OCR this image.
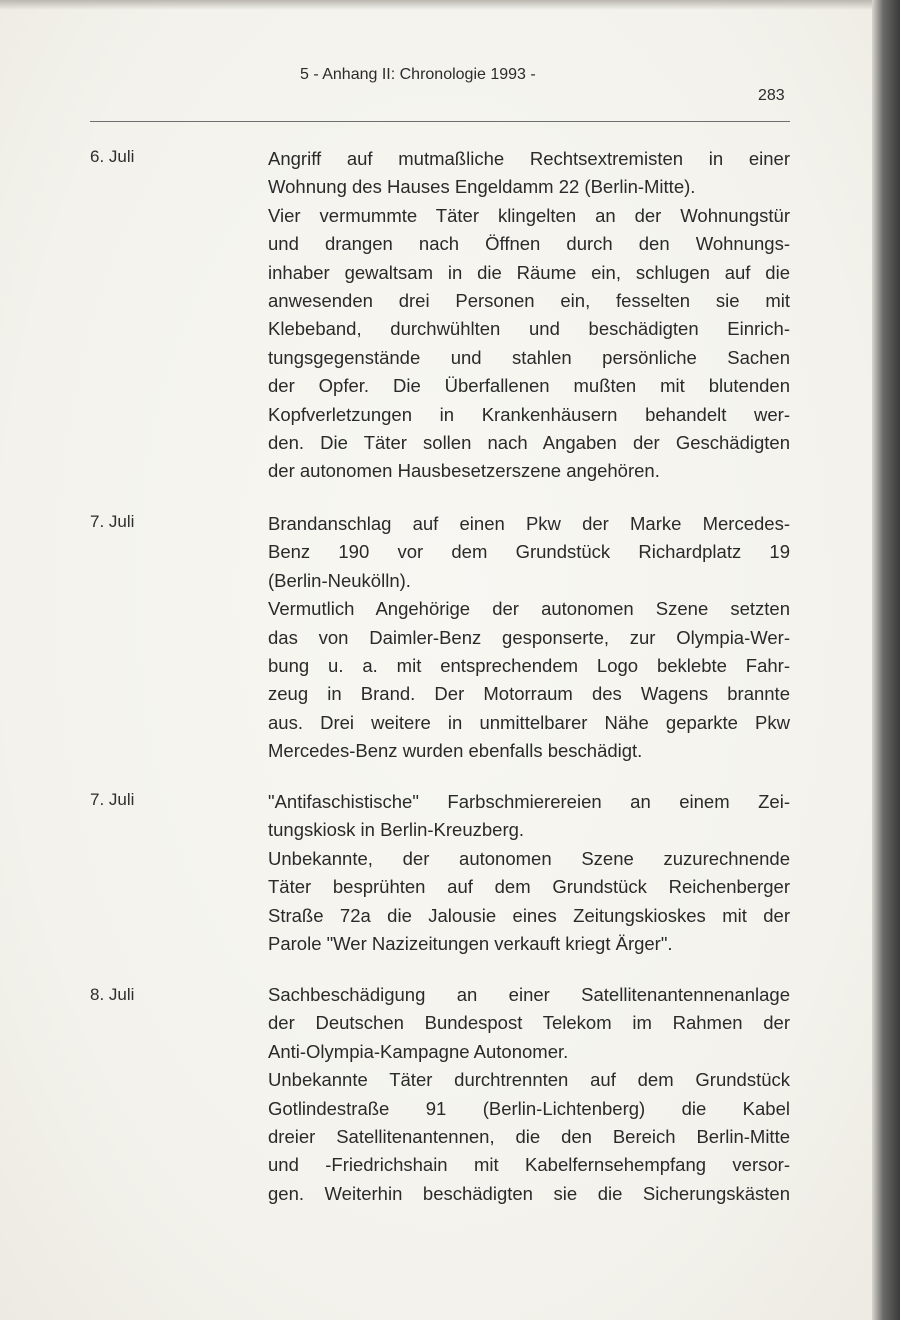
5 - Anhang II: Chronologie 1993 -
283
6. Juli	Angriff auf mutmaßliche Rechtsextremisten in einer
Wohnung des Hauses Engeldamm 22 (Berlin-Mitte).
Vier vermummte Täter klingelten an der Wohnungstür
und drangen nach Öffnen durch den Wohnungs-
inhaber gewaltsam in die Räume ein, schlugen auf die
anwesenden drei Personen ein, fesselten sie mit
Klebeband, durchwühlten und beschädigten Einrich-
tungsgegenstände und stahlen persönliche Sachen
der Opfer. Die Überfallenen mußten mit blutenden
Kopfverletzungen in Krankenhäusern behandelt wer-
den. Die Täter sollen nach Angaben der Geschädigten
der autonomen Hausbesetzerszene angehören.
7. Juli	Brandanschlag auf einen Pkw der Marke Mercedes-
Benz 190 vor dem Grundstück Richardplatz 19
(Berlin-Neukölln).
Vermutlich Angehörige der autonomen Szene setzten
das von Daimler-Benz gesponserte, zur Olympia-Wer-
bung u. a. mit entsprechendem Logo beklebte Fahr-
zeug in Brand. Der Motorraum des Wagens brannte
aus. Drei weitere in unmittelbarer Nähe geparkte Pkw
Mercedes-Benz wurden ebenfalls beschädigt.
7. Juli	"Antifaschistische" Farbschmierereien an einem Zei-
tungskiosk in Berlin-Kreuzberg.
Unbekannte, der autonomen Szene zuzurechnende
Täter besprühten auf dem Grundstück Reichenberger
Straße 72a die Jalousie eines Zeitungskioskes mit der
Parole "Wer Nazizeitungen verkauft kriegt Ärger".
8. Juli	Sachbeschädigung an einer Satellitenantennenanlage
der Deutschen Bundespost Telekom im Rahmen der
Anti-Olympia-Kampagne Autonomer.
Unbekannte Täter durchtrennten auf dem Grundstück
Gotlindestraße 91 (Berlin-Lichtenberg) die Kabel
dreier Satellitenantennen, die den Bereich Berlin-Mitte
und -Friedrichshain mit Kabelfernsehempfang versor-
gen. Weiterhin beschädigten sie die Sicherungskästen
